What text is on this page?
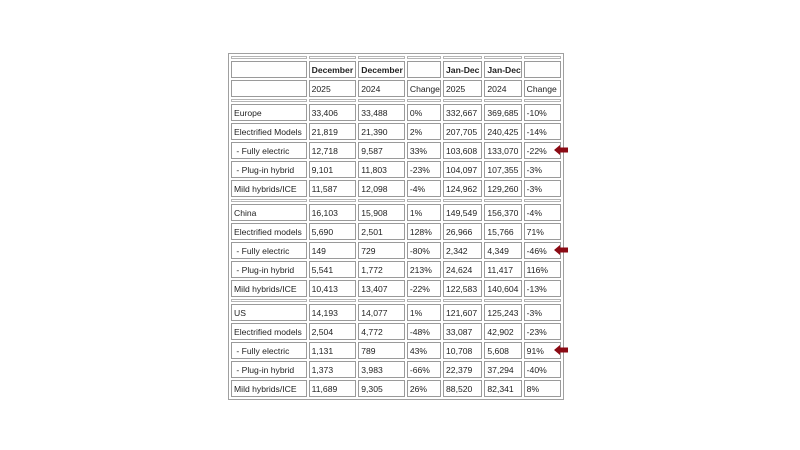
	December	December		Jan-Dec	Jan-Dec	
	2025	2024	Change	2025	2024	Change

Europe	33,406	33,488	0%	332,667	369,685	-10%
Electrified Models	21,819	21,390	2%	207,705	240,425	-14%
- Fully electric	12,718	9,587	33%	103,608	133,070	-22%

- Plug-in hybrid	9,101	11,803	-23%	104,097	107,355	-3%
Mild hybrids/ICE	11,587	12,098	-4%	124,962	129,260	-3%

China	16,103	15,908	1%	149,549	156,370	-4%
Electrified models	5,690	2,501	128%	26,966	15,766	71%
- Fully electric	149	729	-80%	2,342	4,349	-46%

- Plug-in hybrid	5,541	1,772	213%	24,624	11,417	116%
Mild hybrids/ICE	10,413	13,407	-22%	122,583	140,604	-13%

US	14,193	14,077	1%	121,607	125,243	-3%
Electrified models	2,504	4,772	-48%	33,087	42,902	-23%
- Fully electric	1,131	789	43%	10,708	5,608	91%

- Plug-in hybrid	1,373	3,983	-66%	22,379	37,294	-40%
Mild hybrids/ICE	11,689	9,305	26%	88,520	82,341	8%
